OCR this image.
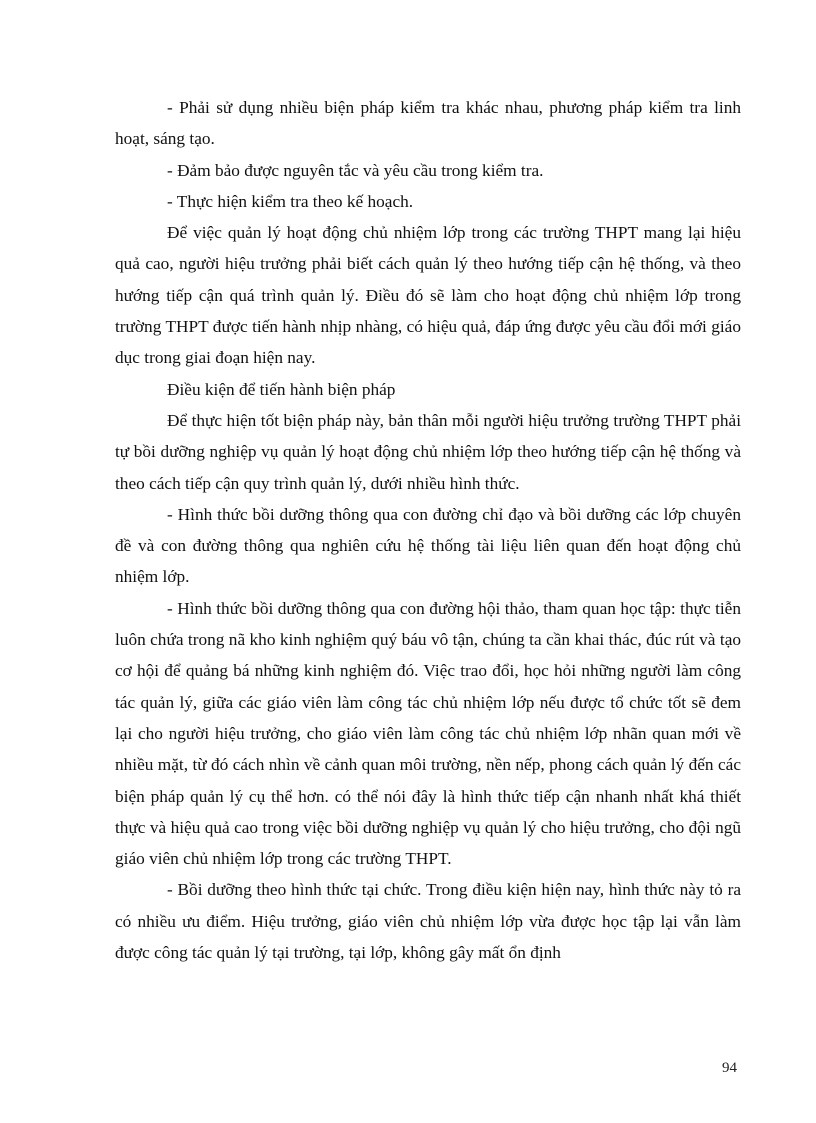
- Phải sử dụng nhiều biện pháp kiểm tra khác nhau, phương pháp kiểm tra linh hoạt, sáng tạo.

- Đảm bảo được nguyên tắc và yêu cầu trong kiểm tra.

- Thực hiện kiểm tra theo kế hoạch.

Để việc quản lý hoạt động chủ nhiệm lớp trong các trường THPT mang lại hiệu quả cao, người hiệu trưởng phải biết cách quản lý theo hướng tiếp cận hệ thống, và theo hướng tiếp cận quá trình quản lý. Điều đó sẽ làm cho hoạt động chủ nhiệm lớp trong trường THPT được tiến hành nhịp nhàng, có hiệu quả, đáp ứng được yêu cầu đổi mới giáo dục trong giai đoạn hiện nay.

Điều kiện để tiến hành biện pháp

Để thực hiện tốt biện pháp này, bản thân mỗi người hiệu trưởng trường THPT phải tự bồi dưỡng nghiệp vụ quản lý hoạt động chủ nhiệm lớp theo hướng tiếp cận hệ thống và theo cách tiếp cận quy trình quản lý, dưới nhiều hình thức.

- Hình thức bồi dưỡng thông qua con đường chỉ đạo và bồi dưỡng các lớp chuyên đề và con đường thông qua nghiên cứu hệ thống tài liệu liên quan đến hoạt động chủ nhiệm lớp.

- Hình thức bồi dưỡng thông qua con đường hội thảo, tham quan học tập: thực tiễn luôn chứa trong nã kho kinh nghiệm quý báu vô tận, chúng ta cần khai thác, đúc rút và tạo cơ hội để quảng bá những kinh nghiệm đó. Việc trao đổi, học hỏi những người làm công tác quản lý, giữa các giáo viên làm công tác chủ nhiệm lớp nếu được tổ chức tốt sẽ đem lại cho người hiệu trưởng, cho giáo viên làm công tác chủ nhiệm lớp nhãn quan mới về nhiều mặt, từ đó cách nhìn về cảnh quan môi trường, nền nếp, phong cách quản lý đến các biện pháp quản lý cụ thể hơn. có thể nói đây là hình thức tiếp cận nhanh nhất khá thiết thực và hiệu quả cao trong việc bồi dưỡng nghiệp vụ quản lý cho hiệu trưởng, cho đội ngũ giáo viên chủ nhiệm lớp trong các trường THPT.

- Bồi dưỡng theo hình thức tại chức. Trong điều kiện hiện nay, hình thức này tỏ ra có nhiều ưu điểm. Hiệu trưởng, giáo viên chủ nhiệm lớp vừa được học tập lại vẫn làm được công tác quản lý tại trường, tại lớp, không gây mất ổn định

94
